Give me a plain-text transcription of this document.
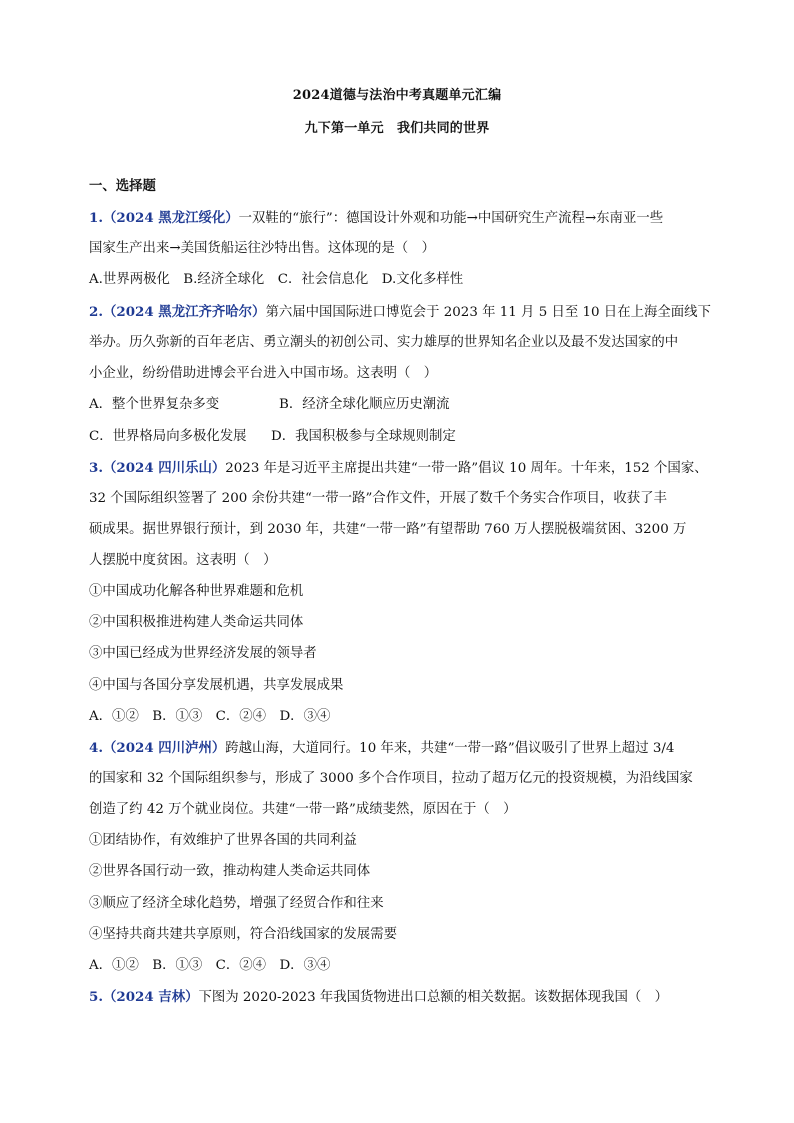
2024道德与法治中考真题单元汇编
九下第一单元　我们共同的世界
一、选择题
1.（2024 黑龙江绥化）一双鞋的“旅行”：德国设计外观和功能→中国研究生产流程→东南亚一些
国家生产出来→美国货船运往沙特出售。这体现的是（　）
A.世界两极化　B.经济全球化　C．社会信息化　D.文化多样性
2.（2024 黑龙江齐齐哈尔）第六届中国国际进口博览会于 2023 年 11 月 5 日至 10 日在上海全面线下
举办。历久弥新的百年老店、勇立潮头的初创公司、实力雄厚的世界知名企业以及最不发达国家的中
小企业，纷纷借助进博会平台进入中国市场。这表明（　）
A．整个世界复杂多变	B．经济全球化顺应历史潮流
C．世界格局向多极化发展 D．我国积极参与全球规则制定
3.（2024 四川乐山）2023 年是习近平主席提出共建“一带一路”倡议 10 周年。十年来，152 个国家、
32 个国际组织签署了 200 余份共建“一带一路”合作文件，开展了数千个务实合作项目，收获了丰
硕成果。据世界银行预计，到 2030 年，共建“一带一路”有望帮助 760 万人摆脱极端贫困、3200 万
人摆脱中度贫困。这表明（　）
①中国成功化解各种世界难题和危机
②中国积极推进构建人类命运共同体
③中国已经成为世界经济发展的领导者
④中国与各国分享发展机遇，共享发展成果
A．①②　B．①③　C．②④　D．③④
4.（2024 四川泸州）跨越山海，大道同行。10 年来，共建“一带一路”倡议吸引了世界上超过 3/4
的国家和 32 个国际组织参与，形成了 3000 多个合作项目，拉动了超万亿元的投资规模，为沿线国家
创造了约 42 万个就业岗位。共建“一带一路”成绩斐然，原因在于（　）
①团结协作，有效维护了世界各国的共同利益
②世界各国行动一致，推动构建人类命运共同体
③顺应了经济全球化趋势，增强了经贸合作和往来
④坚持共商共建共享原则，符合沿线国家的发展需要
A．①②　B．①③　C．②④　D．③④
5.（2024 吉林）下图为 2020-2023 年我国货物进出口总额的相关数据。该数据体现我国（　）
